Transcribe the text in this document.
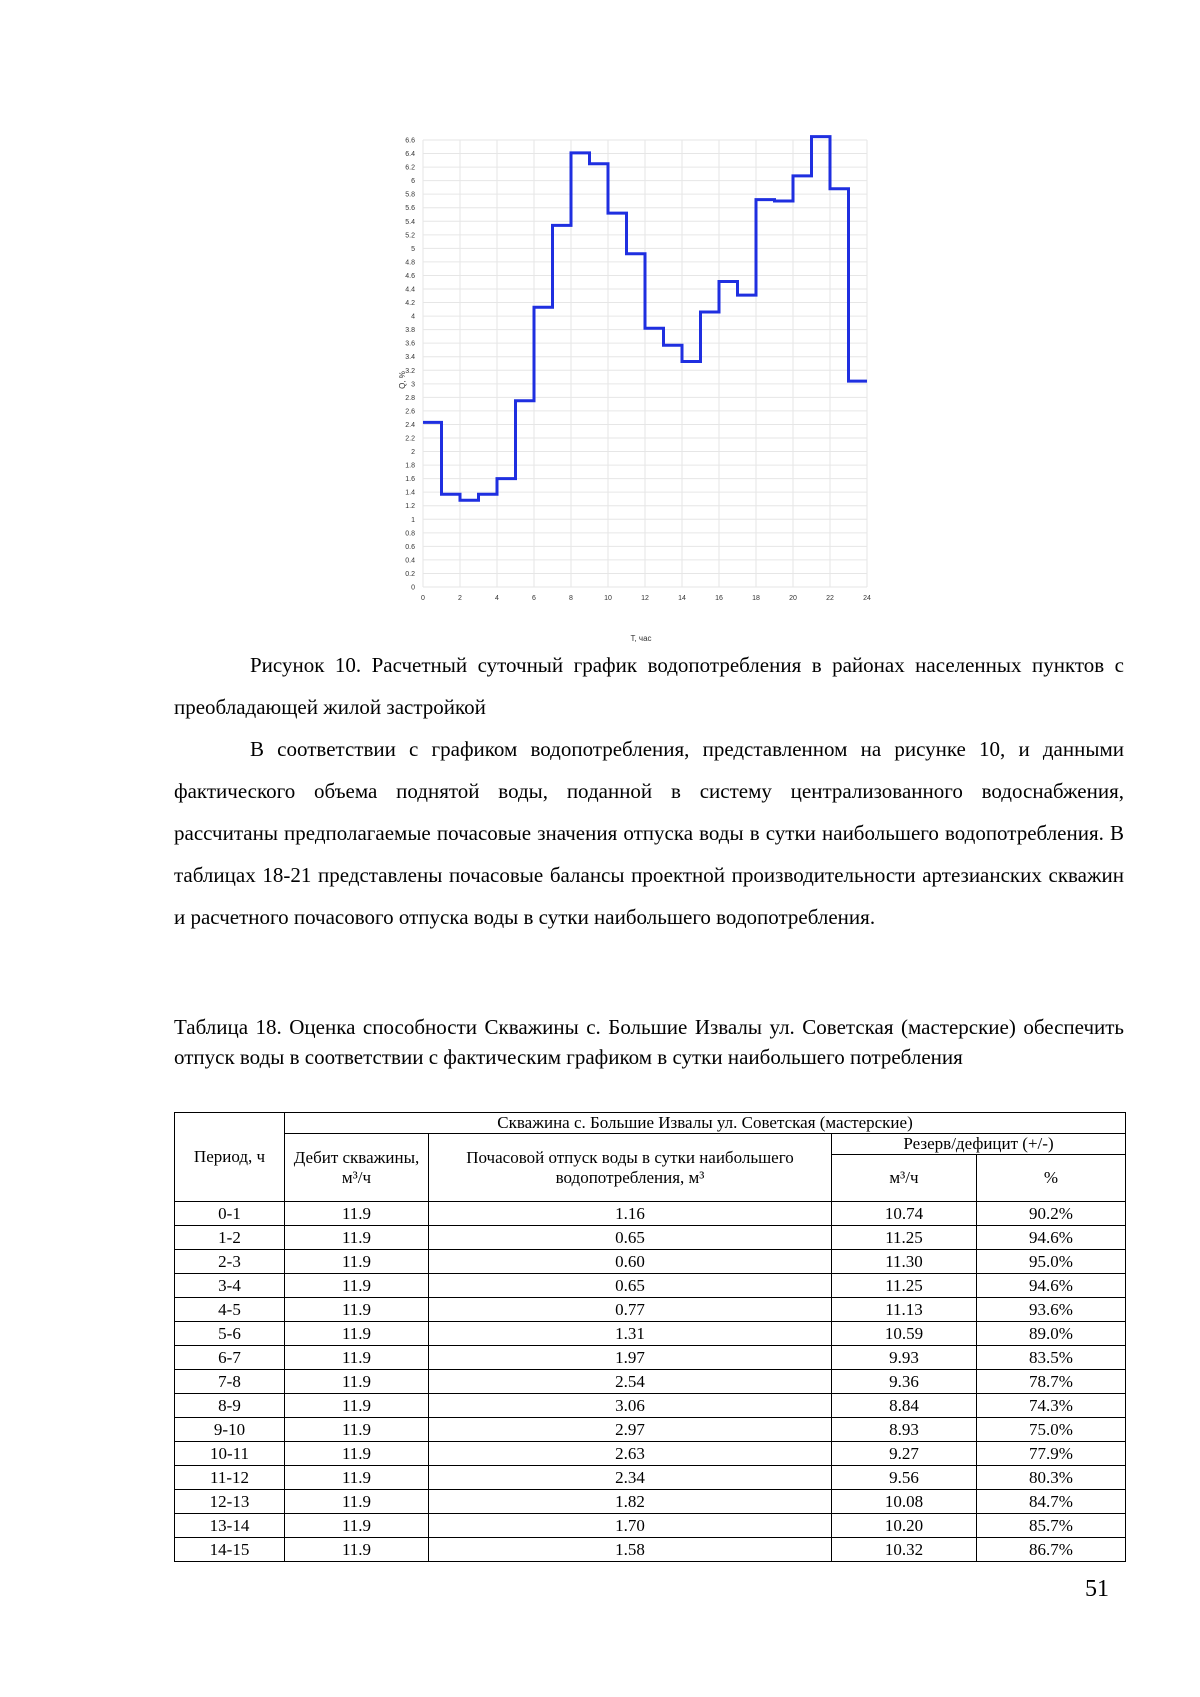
0
0.2
0.4
0.6
0.8
1
1.2
1.4
1.6
1.8
2
2.2
2.4
2.6
2.8
3
3.2
3.4
3.6
3.8
4
4.2
4.4
4.6
4.8
5
5.2
5.4
5.6
5.8
6
6.2
6.4
6.6
0	2	4	6	8	10	12	14	16	18	20	22	24
Q, %
T, час

Рисунок 10. Расчетный суточный график водопотребления в районах населенных пунктов с преобладающей жилой застройкой

В соответствии с графиком водопотребления, представленном на рисунке 10, и данными фактического объема поднятой воды, поданной в систему централизованного водоснабжения, рассчитаны предполагаемые почасовые значения отпуска воды в сутки наибольшего водопотребления. В таблицах 18-21 представлены почасовые балансы проектной производительности артезианских скважин и расчетного почасового отпуска воды в сутки наибольшего водопотребления.

Таблица 18. Оценка способности Скважины с. Большие Извалы ул. Советская (мастерские) обеспечить отпуск воды в соответствии с фактическим графиком в сутки наибольшего потребления

Период, ч	Скважина с. Большие Извалы ул. Советская (мастерские)			
	Дебит скважины, м³/ч	Почасовой отпуск воды в сутки наибольшего водопотребления, м³	Резерв/дефицит (+/-)	
			м³/ч	%
0-1	11.9	1.16	10.74	90.2%
1-2	11.9	0.65	11.25	94.6%
2-3	11.9	0.60	11.30	95.0%
3-4	11.9	0.65	11.25	94.6%
4-5	11.9	0.77	11.13	93.6%
5-6	11.9	1.31	10.59	89.0%
6-7	11.9	1.97	9.93	83.5%
7-8	11.9	2.54	9.36	78.7%
8-9	11.9	3.06	8.84	74.3%
9-10	11.9	2.97	8.93	75.0%
10-11	11.9	2.63	9.27	77.9%
11-12	11.9	2.34	9.56	80.3%
12-13	11.9	1.82	10.08	84.7%
13-14	11.9	1.70	10.20	85.7%
14-15	11.9	1.58	10.32	86.7%
51
